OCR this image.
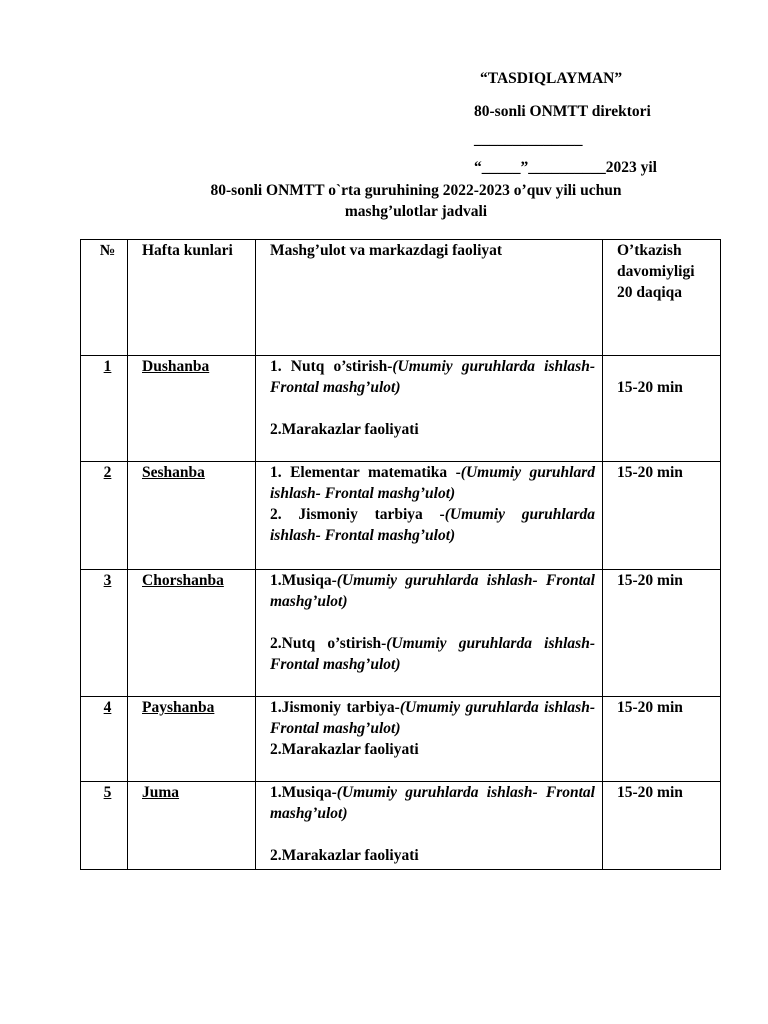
“TASDIQLAYMAN”
80-sonli ONMTT direktori
______________
“_____”__________2023 yil
80-sonli ONMTT o`rta guruhining 2022-2023 o’quv yili uchun
mashg’ulotlar jadvali
№	Hafta kunlari	Mashg’ulot va markazdagi faoliyat	O’tkazish davomiyligi 20 daqiqa
1	Dushanba	1. Nutq o’stirish-(Umumiy guruhlarda ishlash- Frontal mashg’ulot)

2.Marakazlar faoliyati	15-20 min

2	Seshanba	1. Elementar matematika -(Umumiy guruhlard ishlash- Frontal mashg’ulot)

2. Jismoniy tarbiya -(Umumiy guruhlarda ishlash- Frontal mashg’ulot)	15-20 min
3	Chorshanba	1.Musiqa-(Umumiy guruhlarda ishlash- Frontal mashg’ulot)

2.Nutq o’stirish-(Umumiy guruhlarda ishlash- Frontal mashg’ulot)	15-20 min
4	Payshanba	1.Jismoniy tarbiya-(Umumiy guruhlarda ishlash- Frontal mashg’ulot)

2.Marakazlar faoliyati	15-20 min
5	Juma	1.Musiqa-(Umumiy guruhlarda ishlash- Frontal mashg’ulot)

2.Marakazlar faoliyati	15-20 min
